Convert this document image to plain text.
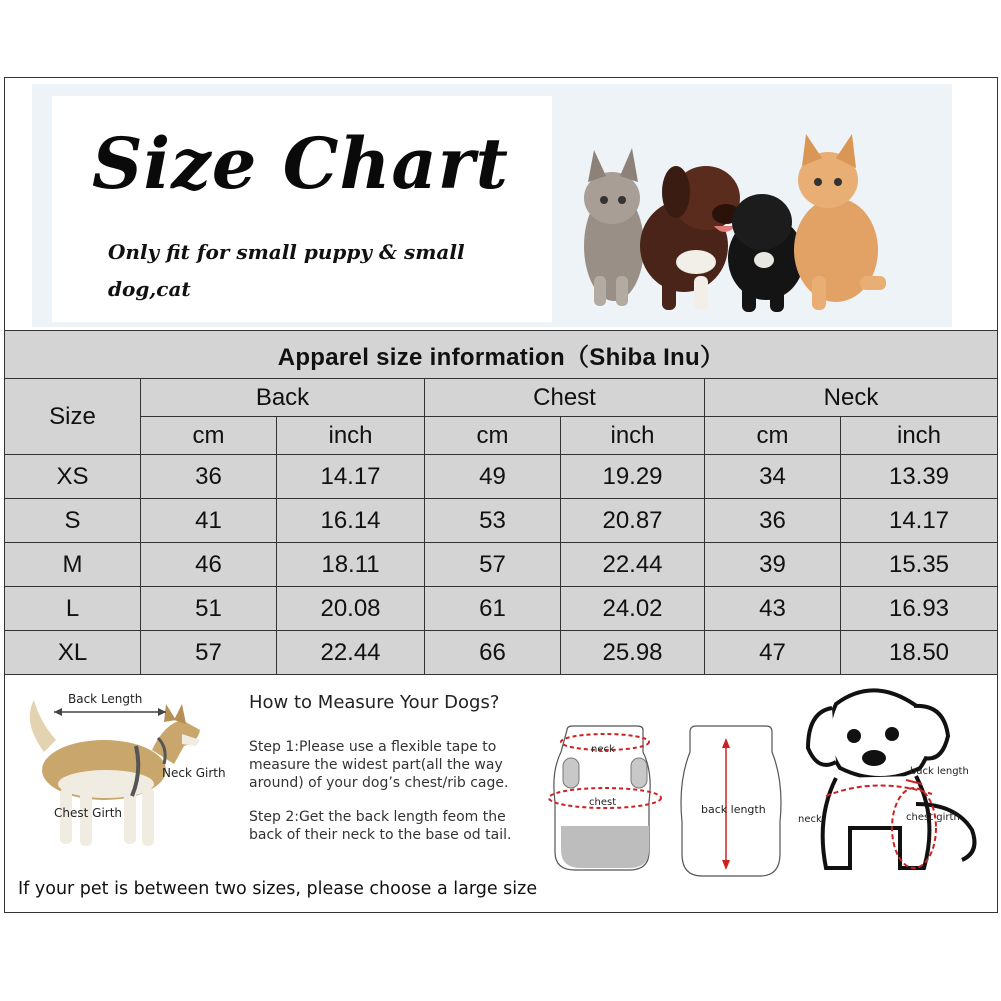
Size Chart
Only fit for small puppy & small dog,cat
Apparel size information（Shiba Inu）						
Size	Back		Chest		Neck	
	cm	inch	cm	inch	cm	inch
XS	36	14.17	49	19.29	34	13.39
S	41	16.14	53	20.87	36	14.17
M	46	18.11	57	22.44	39	15.35
L	51	20.08	61	24.02	43	16.93
XL	57	22.44	66	25.98	47	18.50
Back Length
Neck Girth
Chest Girth
How to Measure Your Dogs?
Step 1:Please use a flexible tape to measure the widest part(all the way around) of your dog’s chest/rib cage.
Step 2:Get the back length feom the back of their neck to the base od tail.
neck
chest
back length
back length
neck	chest girth
If your pet is between two sizes, please choose a large size
